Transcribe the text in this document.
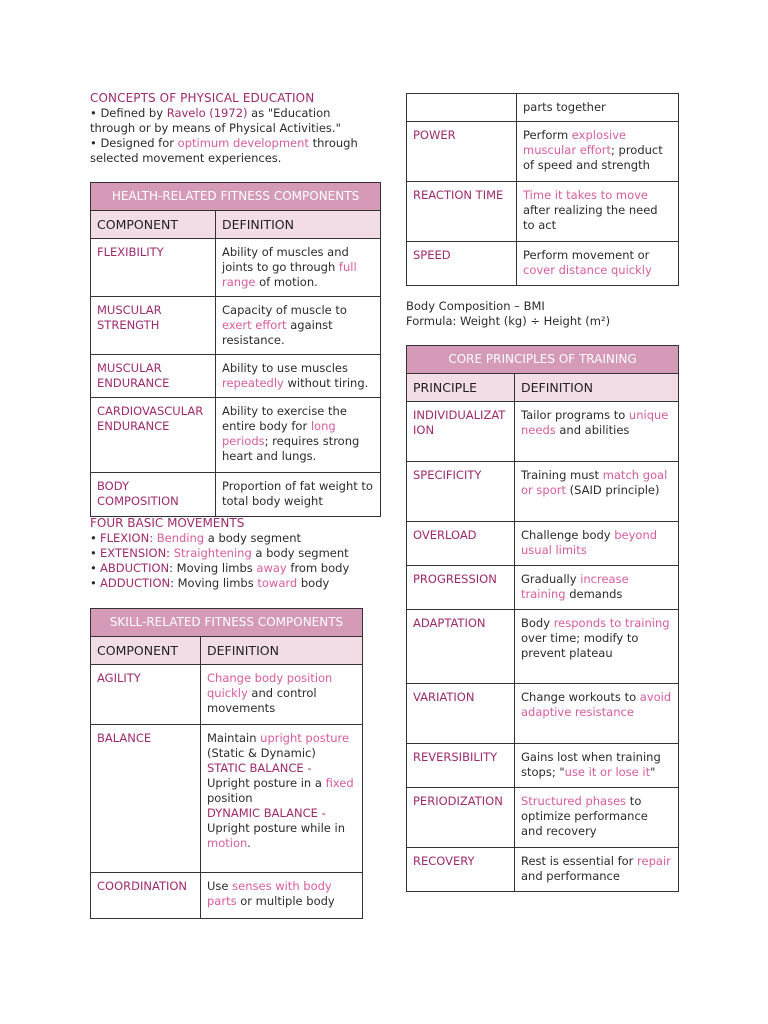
CONCEPTS OF PHYSICAL EDUCATION

• Defined by Ravelo (1972) as "Education through or by means of Physical Activities."

• Designed for optimum development through selected movement experiences.

HEALTH-RELATED FITNESS COMPONENTS	
COMPONENT	DEFINITION
FLEXIBILITY	Ability of muscles and joints to go through full range of motion.
MUSCULAR STRENGTH	Capacity of muscle to exert effort against resistance.
MUSCULAR ENDURANCE	Ability to use muscles repeatedly without tiring.
CARDIOVASCULAR ENDURANCE	Ability to exercise the entire body for long periods; requires strong heart and lungs.
BODY COMPOSITION	Proportion of fat weight to total body weight
FOUR BASIC MOVEMENTS
• FLEXION: Bending a body segment
• EXTENSION: Straightening a body segment
• ABDUCTION: Moving limbs away from body
• ADDUCTION: Moving limbs toward body
SKILL-RELATED FITNESS COMPONENTS	
COMPONENT	DEFINITION
AGILITY	Change body position quickly and control movements
BALANCE	Maintain upright posture (Static & Dynamic)
STATIC BALANCE -
Upright posture in a fixed position
DYNAMIC BALANCE -
Upright posture while in motion.
COORDINATION	Use senses with body parts or multiple body
	parts together
POWER	Perform explosive muscular effort; product of speed and strength
REACTION TIME	Time it takes to move after realizing the need to act
SPEED	Perform movement or cover distance quickly
Body Composition – BMI
Formula: Weight (kg) ÷ Height (m²)
CORE PRINCIPLES OF TRAINING	
PRINCIPLE	DEFINITION
INDIVIDUALIZATION	Tailor programs to unique needs and abilities
SPECIFICITY	Training must match goal or sport (SAID principle)
OVERLOAD	Challenge body beyond usual limits
PROGRESSION	Gradually increase training demands
ADAPTATION	Body responds to training over time; modify to prevent plateau
VARIATION	Change workouts to avoid adaptive resistance
REVERSIBILITY	Gains lost when training stops; "use it or lose it"
PERIODIZATION	Structured phases to optimize performance and recovery
RECOVERY	Rest is essential for repair and performance
